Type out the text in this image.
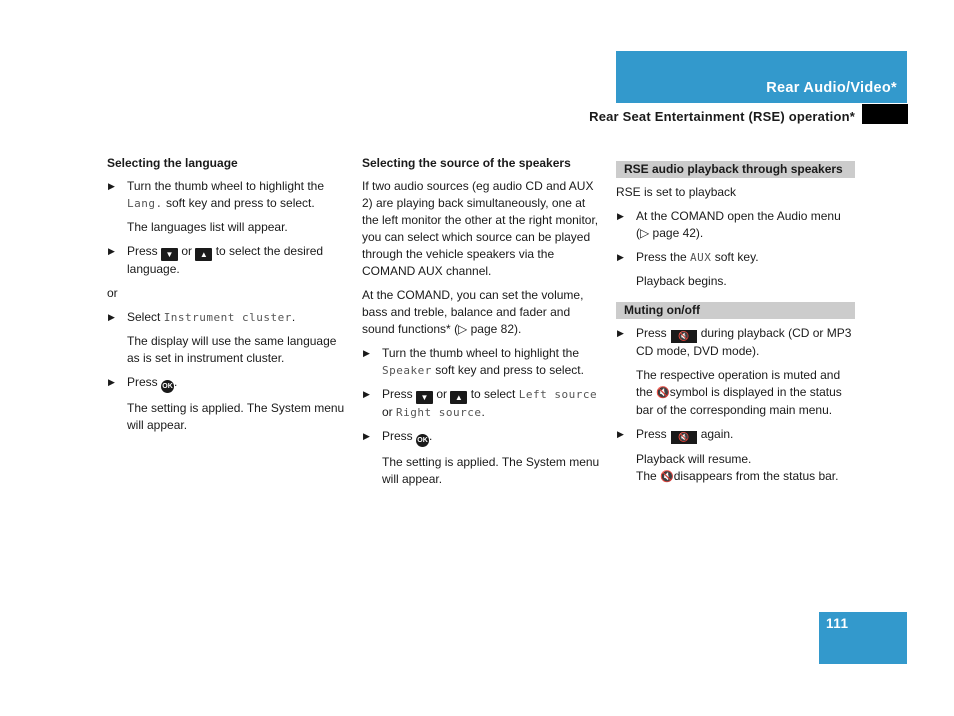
Rear Audio/Video*
Rear Seat Entertainment (RSE) operation*
Selecting the language
▶ Turn the thumb wheel to highlight the Lang. soft key and press to select.
The languages list will appear.
▶ Press ▼ or ▲ to select the desired language.
or
▶ Select Instrument cluster.
The display will use the same language as is set in instrument cluster.
▶ Press OK.
The setting is applied. The System menu will appear.
Selecting the source of the speakers
If two audio sources (eg audio CD and AUX 2) are playing back simultaneously, one at the left monitor the other at the right monitor, you can select which source can be played through the vehicle speakers via the COMAND AUX channel.
At the COMAND, you can set the volume, bass and treble, balance and fader and sound functions* (▷ page 82).
▶ Turn the thumb wheel to highlight the Speaker soft key and press to select.
▶ Press ▼ or ▲ to select Left source or Right source.
▶ Press OK.
The setting is applied. The System menu will appear.
RSE audio playback through speakers
RSE is set to playback
▶ At the COMAND open the Audio menu (▷ page 42).
▶ Press the AUX soft key.
Playback begins.
Muting on/off
▶ Press 🔇 during playback (CD or MP3 CD mode, DVD mode).
The respective operation is muted and the 🔇symbol is displayed in the status bar of the corresponding main menu.
▶ Press 🔇 again.
Playback will resume.
The 🔇disappears from the status bar.
111
